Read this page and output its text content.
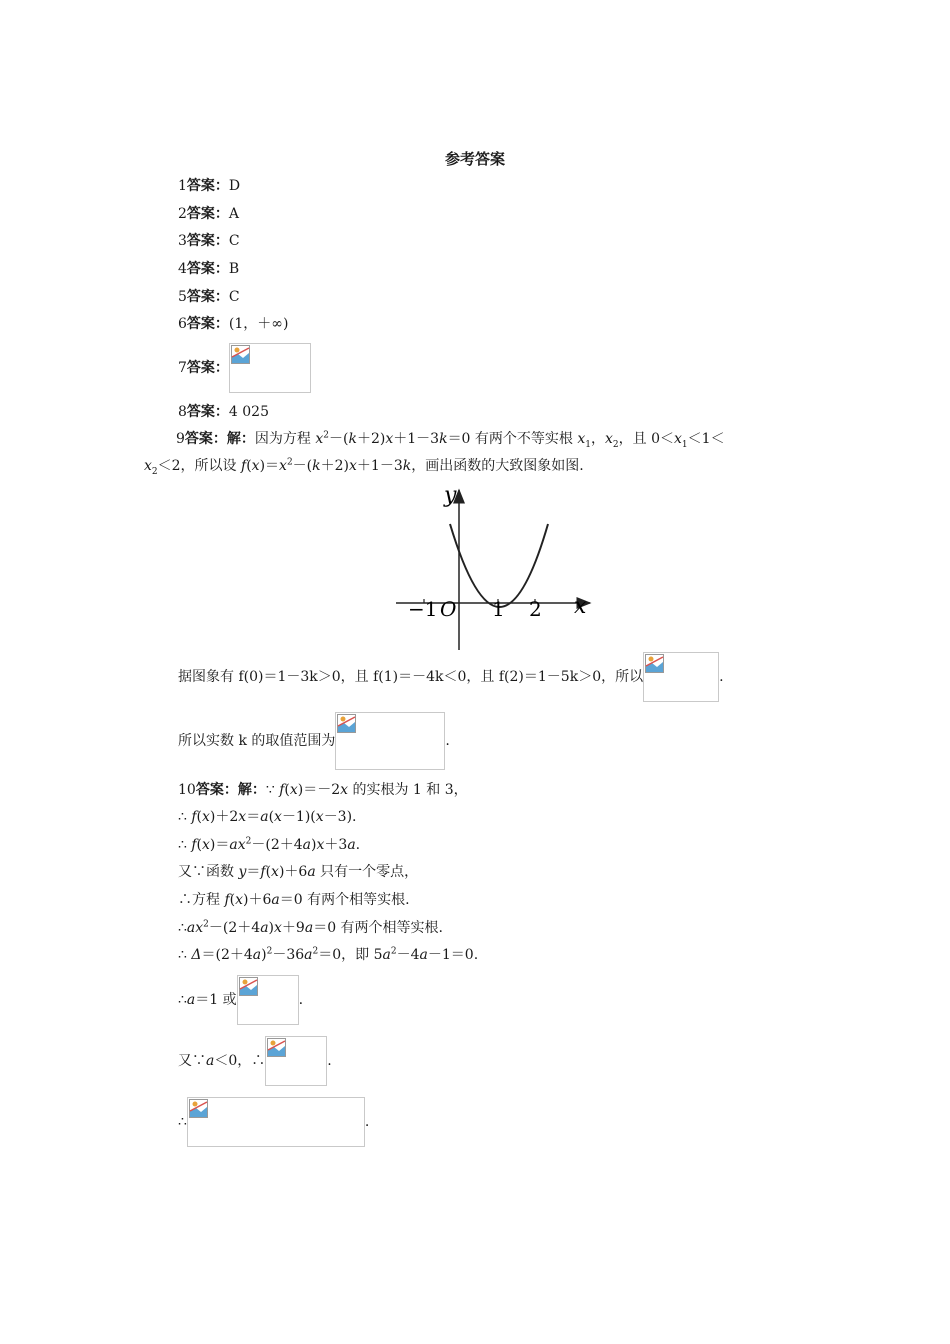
参考答案
1答案：D
2答案：A
3答案：C
4答案：B
5答案：C
6答案：(1，＋∞)
7答案：
8答案：4 025
9答案：解：因为方程 $x^2-(k+2)x+1-3k=0$ 有两个不等实根 $x_1$，$x_2$，且 $0<x_1<1<$
$x_2<2$，所以设 $f(x)=x^2-(k+2)x+1-3k$，画出函数的大致图象如图.
y
x
O
−1	1 2
据图象有 f(0)＝1－3k＞0，且 f(1)＝－4k＜0，且 f(2)＝1－5k＞0，所以	.
所以实数 k 的取值范围为	.
10答案：解：∵ f(x)＝－2x 的实根为 1 和 3，
∴ f(x)＋2x＝a(x－1)(x－3).
∴ $f(x)=ax^2-(2+4a)x+3a$.
又∵函数 y＝f(x)＋6a 只有一个零点，
∴方程 f(x)＋6a＝0 有两个相等实根.
$\therefore ax^2-(2+4a)x+9a=0$ 有两个相等实根.
∴ $\Delta=(2+4a)^2-36a^2=0$，即 $5a^2-4a-1=0$.
∴a＝1 或	.
又∵a＜0，∴	.
∴	.
